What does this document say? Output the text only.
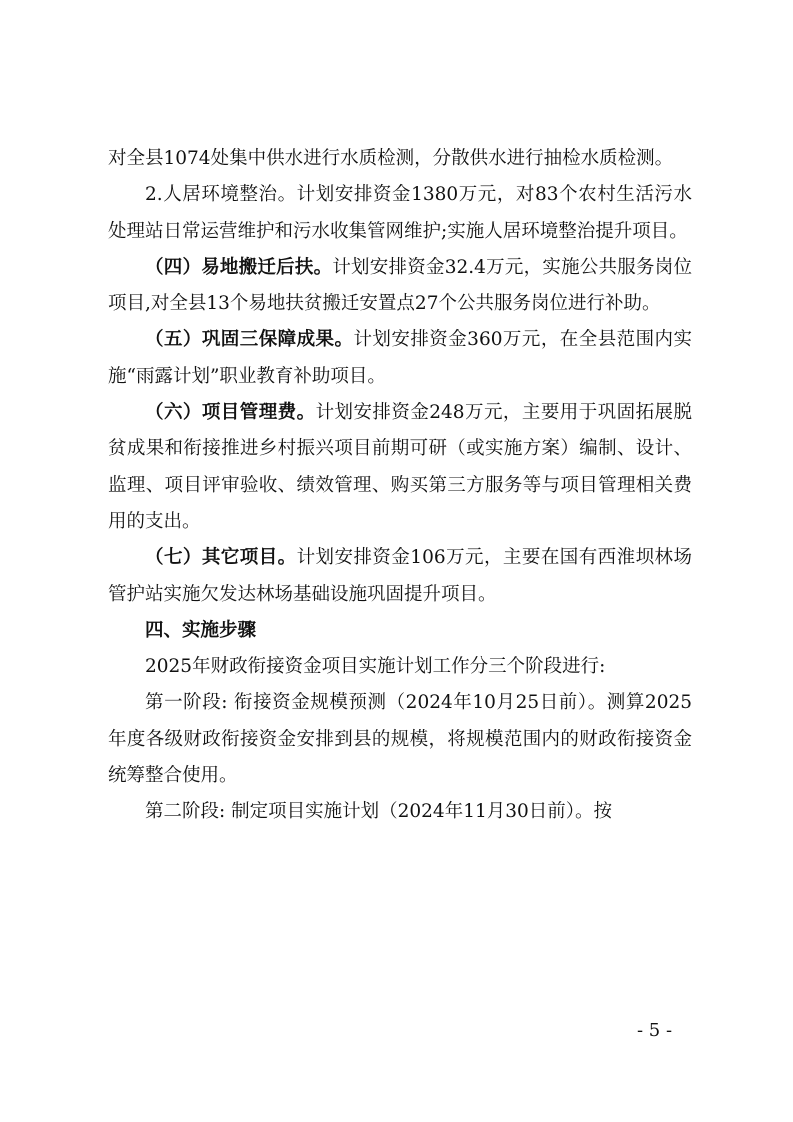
对全县1074处集中供水进行水质检测，分散供水进行抽检水质检测。

2.人居环境整治。计划安排资金1380万元，对83个农村生活污水处理站日常运营维护和污水收集管网维护;实施人居环境整治提升项目。

（四）易地搬迁后扶。计划安排资金32.4万元，实施公共服务岗位项目,对全县13个易地扶贫搬迁安置点27个公共服务岗位进行补助。

（五）巩固三保障成果。计划安排资金360万元，在全县范围内实施“雨露计划”职业教育补助项目。

（六）项目管理费。计划安排资金248万元，主要用于巩固拓展脱贫成果和衔接推进乡村振兴项目前期可研（或实施方案）编制、设计、监理、项目评审验收、绩效管理、购买第三方服务等与项目管理相关费用的支出。

（七）其它项目。计划安排资金106万元，主要在国有西淮坝林场管护站实施欠发达林场基础设施巩固提升项目。

四、实施步骤

2025年财政衔接资金项目实施计划工作分三个阶段进行:

第一阶段: 衔接资金规模预测（2024年10月25日前）。测算2025年度各级财政衔接资金安排到县的规模，将规模范围内的财政衔接资金统筹整合使用。

第二阶段: 制定项目实施计划（2024年11月30日前）。按

- 5 -
